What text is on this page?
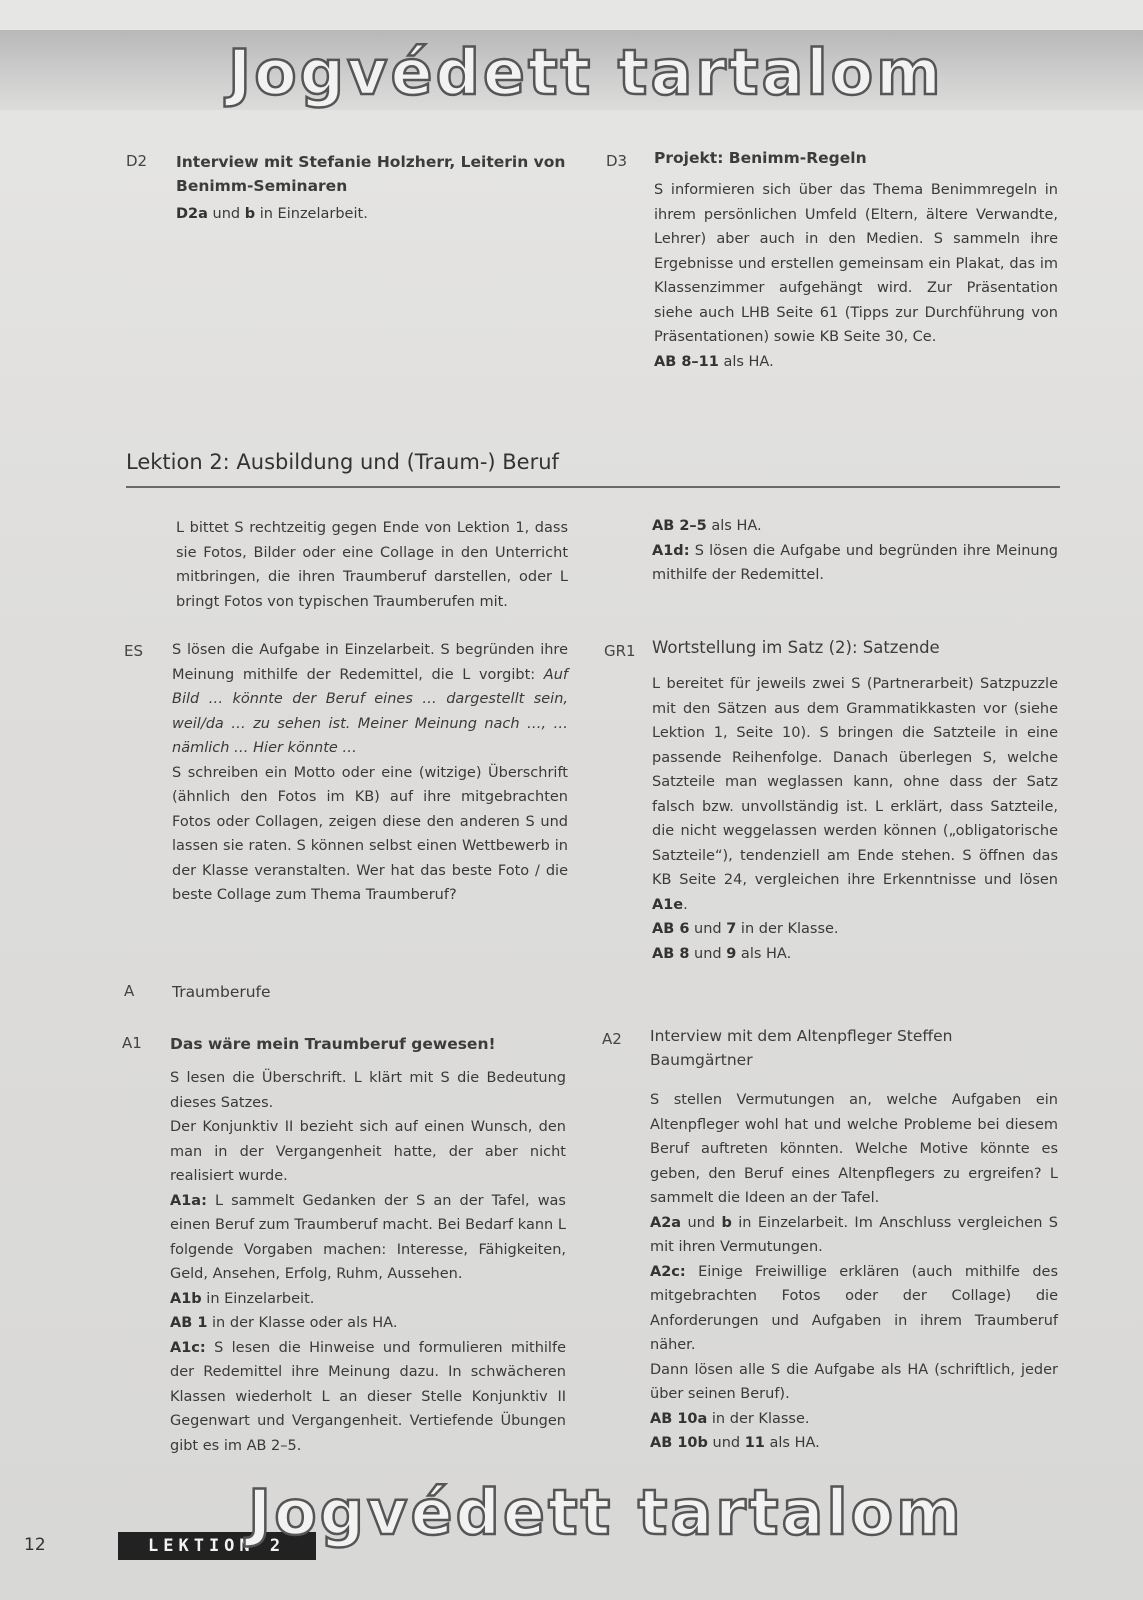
Jogvédett tartalom
D2 Interview mit Stefanie Holzherr, Leiterin von Benimm-Seminaren

D2a und b in Einzelarbeit.

D3 Projekt: Benimm-Regeln

S informieren sich über das Thema Benimmregeln in ihrem persönlichen Umfeld (Eltern, ältere Verwandte, Lehrer) aber auch in den Medien. S sammeln ihre Ergebnisse und erstellen gemeinsam ein Plakat, das im Klassenzimmer aufgehängt wird. Zur Präsentation siehe auch LHB Seite 61 (Tipps zur Durchführung von Präsentationen) sowie KB Seite 30, Ce.

AB 8–11 als HA.

Lektion 2: Ausbildung und (Traum-) Beruf

L bittet S rechtzeitig gegen Ende von Lektion 1, dass sie Fotos, Bilder oder eine Collage in den Unterricht mitbringen, die ihren Traumberuf darstellen, oder L bringt Fotos von typischen Traumberufen mit.

ES S lösen die Aufgabe in Einzelarbeit. S begründen ihre Meinung mithilfe der Redemittel, die L vorgibt: Auf Bild … könnte der Beruf eines … dargestellt sein, weil/da … zu sehen ist. Meiner Meinung nach …, … nämlich … Hier könnte …

S schreiben ein Motto oder eine (witzige) Überschrift (ähnlich den Fotos im KB) auf ihre mitgebrachten Fotos oder Collagen, zeigen diese den anderen S und lassen sie raten. S können selbst einen Wettbewerb in der Klasse veranstalten. Wer hat das beste Foto / die beste Collage zum Thema Traumberuf?

A Traumberufe
A1 Das wäre mein Traumberuf gewesen!

S lesen die Überschrift. L klärt mit S die Bedeutung dieses Satzes.

Der Konjunktiv II bezieht sich auf einen Wunsch, den man in der Vergangenheit hatte, der aber nicht realisiert wurde.

A1a: L sammelt Gedanken der S an der Tafel, was einen Beruf zum Traumberuf macht. Bei Bedarf kann L folgende Vorgaben machen: Interesse, Fähigkeiten, Geld, Ansehen, Erfolg, Ruhm, Aussehen.

A1b in Einzelarbeit.

AB 1 in der Klasse oder als HA.

A1c: S lesen die Hinweise und formulieren mithilfe der Redemittel ihre Meinung dazu. In schwächeren Klassen wiederholt L an dieser Stelle Konjunktiv II Gegenwart und Vergangenheit. Vertiefende Übungen gibt es im AB 2–5.

AB 2–5 als HA.

A1d: S lösen die Aufgabe und begründen ihre Meinung mithilfe der Redemittel.

GR1 Wortstellung im Satz (2): Satzende

L bereitet für jeweils zwei S (Partnerarbeit) Satzpuzzle mit den Sätzen aus dem Grammatikkasten vor (siehe Lektion 1, Seite 10). S bringen die Satzteile in eine passende Reihenfolge. Danach überlegen S, welche Satzteile man weglassen kann, ohne dass der Satz falsch bzw. unvollständig ist. L erklärt, dass Satzteile, die nicht weggelassen werden können („obligatorische Satzteile“), tendenziell am Ende stehen. S öffnen das KB Seite 24, vergleichen ihre Erkenntnisse und lösen A1e.

AB 6 und 7 in der Klasse.

AB 8 und 9 als HA.

A2 Interview mit dem Altenpfleger Steffen Baumgärtner

S stellen Vermutungen an, welche Aufgaben ein Altenpfleger wohl hat und welche Probleme bei diesem Beruf auftreten könnten. Welche Motive könnte es geben, den Beruf eines Altenpflegers zu ergreifen? L sammelt die Ideen an der Tafel.

A2a und b in Einzelarbeit. Im Anschluss vergleichen S mit ihren Vermutungen.

A2c: Einige Freiwillige erklären (auch mithilfe des mitgebrachten Fotos oder der Collage) die Anforderungen und Aufgaben in ihrem Traumberuf näher.

Dann lösen alle S die Aufgabe als HA (schriftlich, jeder über seinen Beruf).

AB 10a in der Klasse.

AB 10b und 11 als HA.

12	LEKTION 2
Jogvédett tartalom
